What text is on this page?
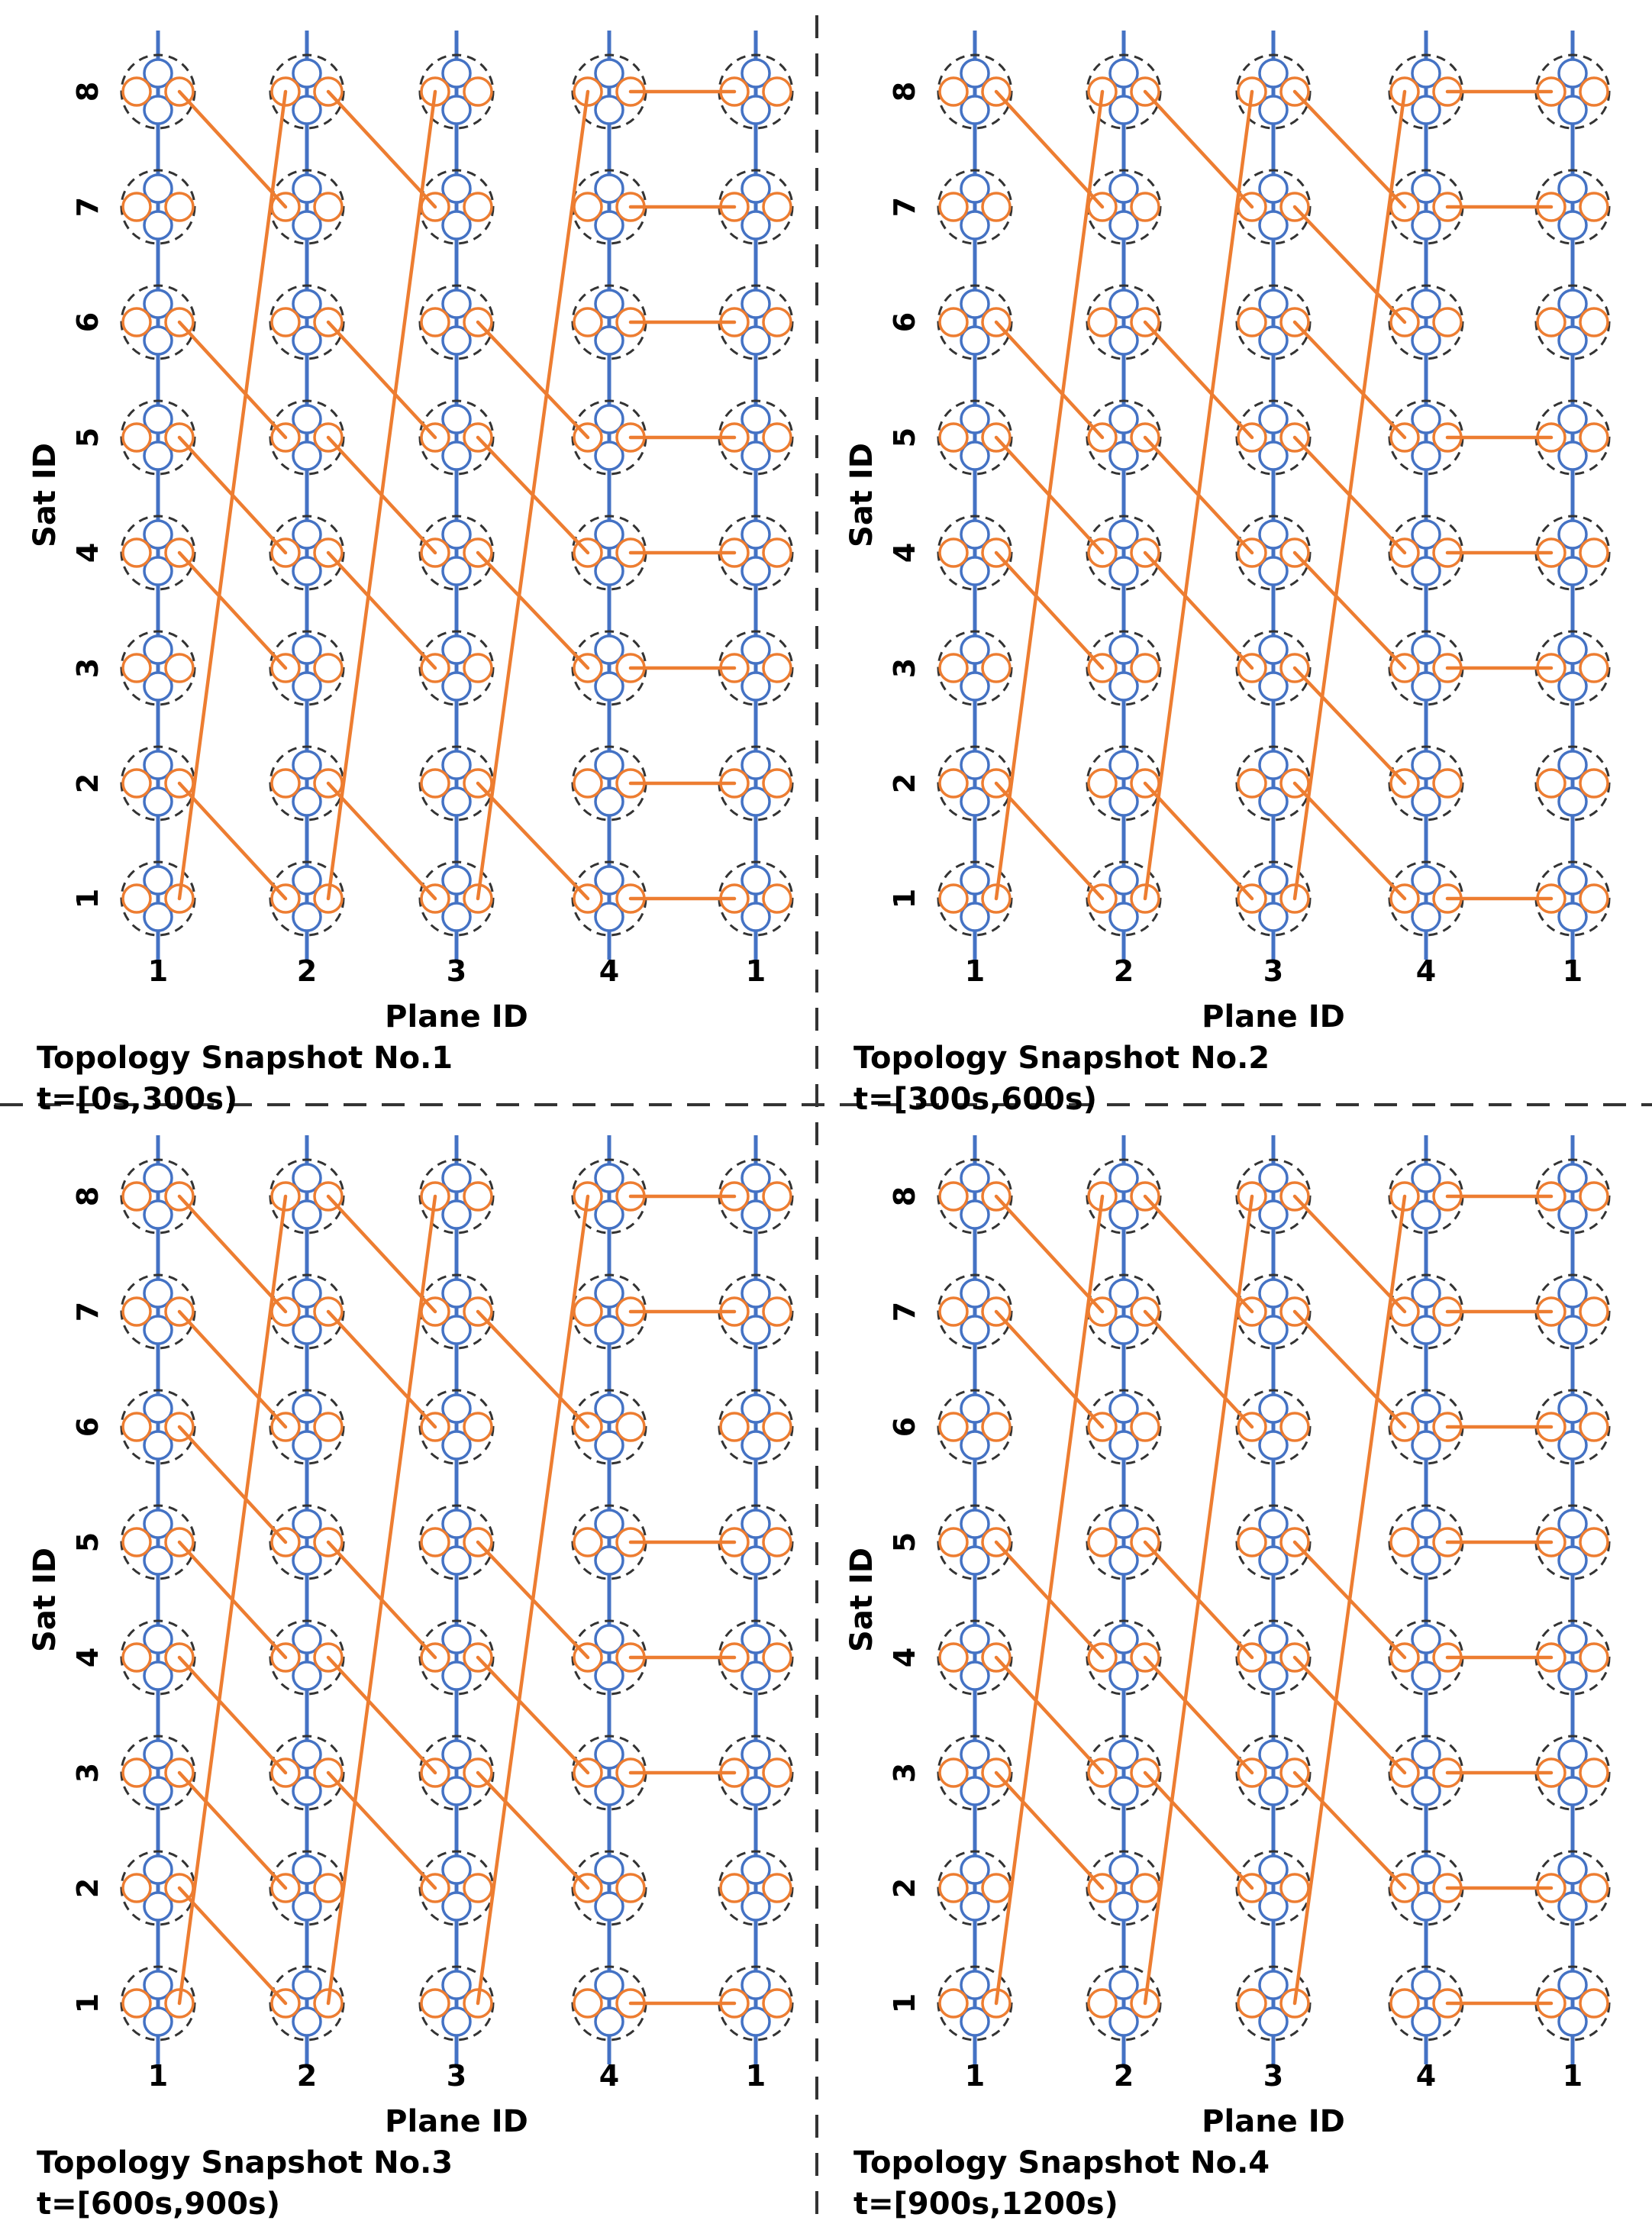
1	2	3	4	1
1
2
3
4
5
6
7
8
Plane ID
Sat ID
Topology Snapshot No.1
t=[0s,300s)
1	2	3	4	1
1
2
3
4
5
6
7
8
Plane ID
Sat ID
Topology Snapshot No.2
t=[300s,600s)
1	2	3	4	1
1
2
3
4
5
6
7
8
Plane ID
Sat ID
Topology Snapshot No.3
t=[600s,900s)
1	2	3	4	1
1
2
3
4
5
6
7
8
Plane ID
Sat ID
Topology Snapshot No.4
t=[900s,1200s)
